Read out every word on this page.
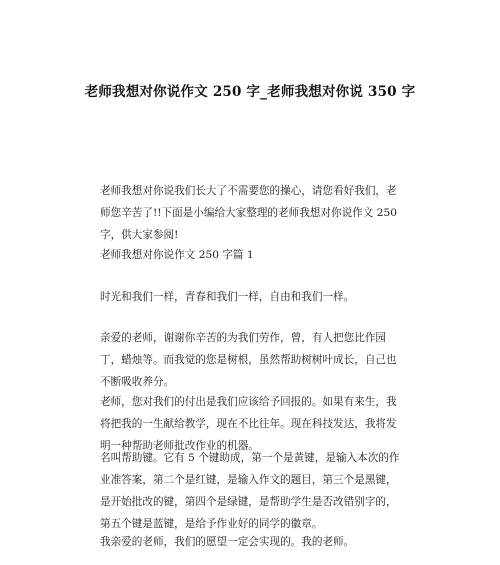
老师我想对你说作文 250 字_老师我想对你说 350 字
老师我想对你说我们长大了不需要您的操心，请您看好我们，老师您辛苦了!!下面是小编给大家整理的老师我想对你说作文 250 字，供大家参阅!
老师我想对你说作文 250 字篇 1
时光和我们一样，青春和我们一样，自由和我们一样。
亲爱的老师，谢谢你辛苦的为我们劳作，曾，有人把您比作园丁，蜡烛等。而我觉的您是树根，虽然帮助树树叶成长，自己也不断吸收养分。
老师，您对我们的付出是我们应该给予回报的。如果有来生，我将把我的一生献给教学，现在不比往年。现在科技发达，我将发明一种帮助老师批改作业的机器。
名叫帮助键。它有 5 个键助成，第一个是黄键，是输入本次的作业准答案，第二个是红键，是输入作文的题目，第三个是黑键，是开始批改的键，第四个是绿键，是帮助学生是否改错别字的，第五个键是蓝键，是给予作业好的同学的徽章。
我亲爱的老师，我们的愿望一定会实现的。我的老师。
